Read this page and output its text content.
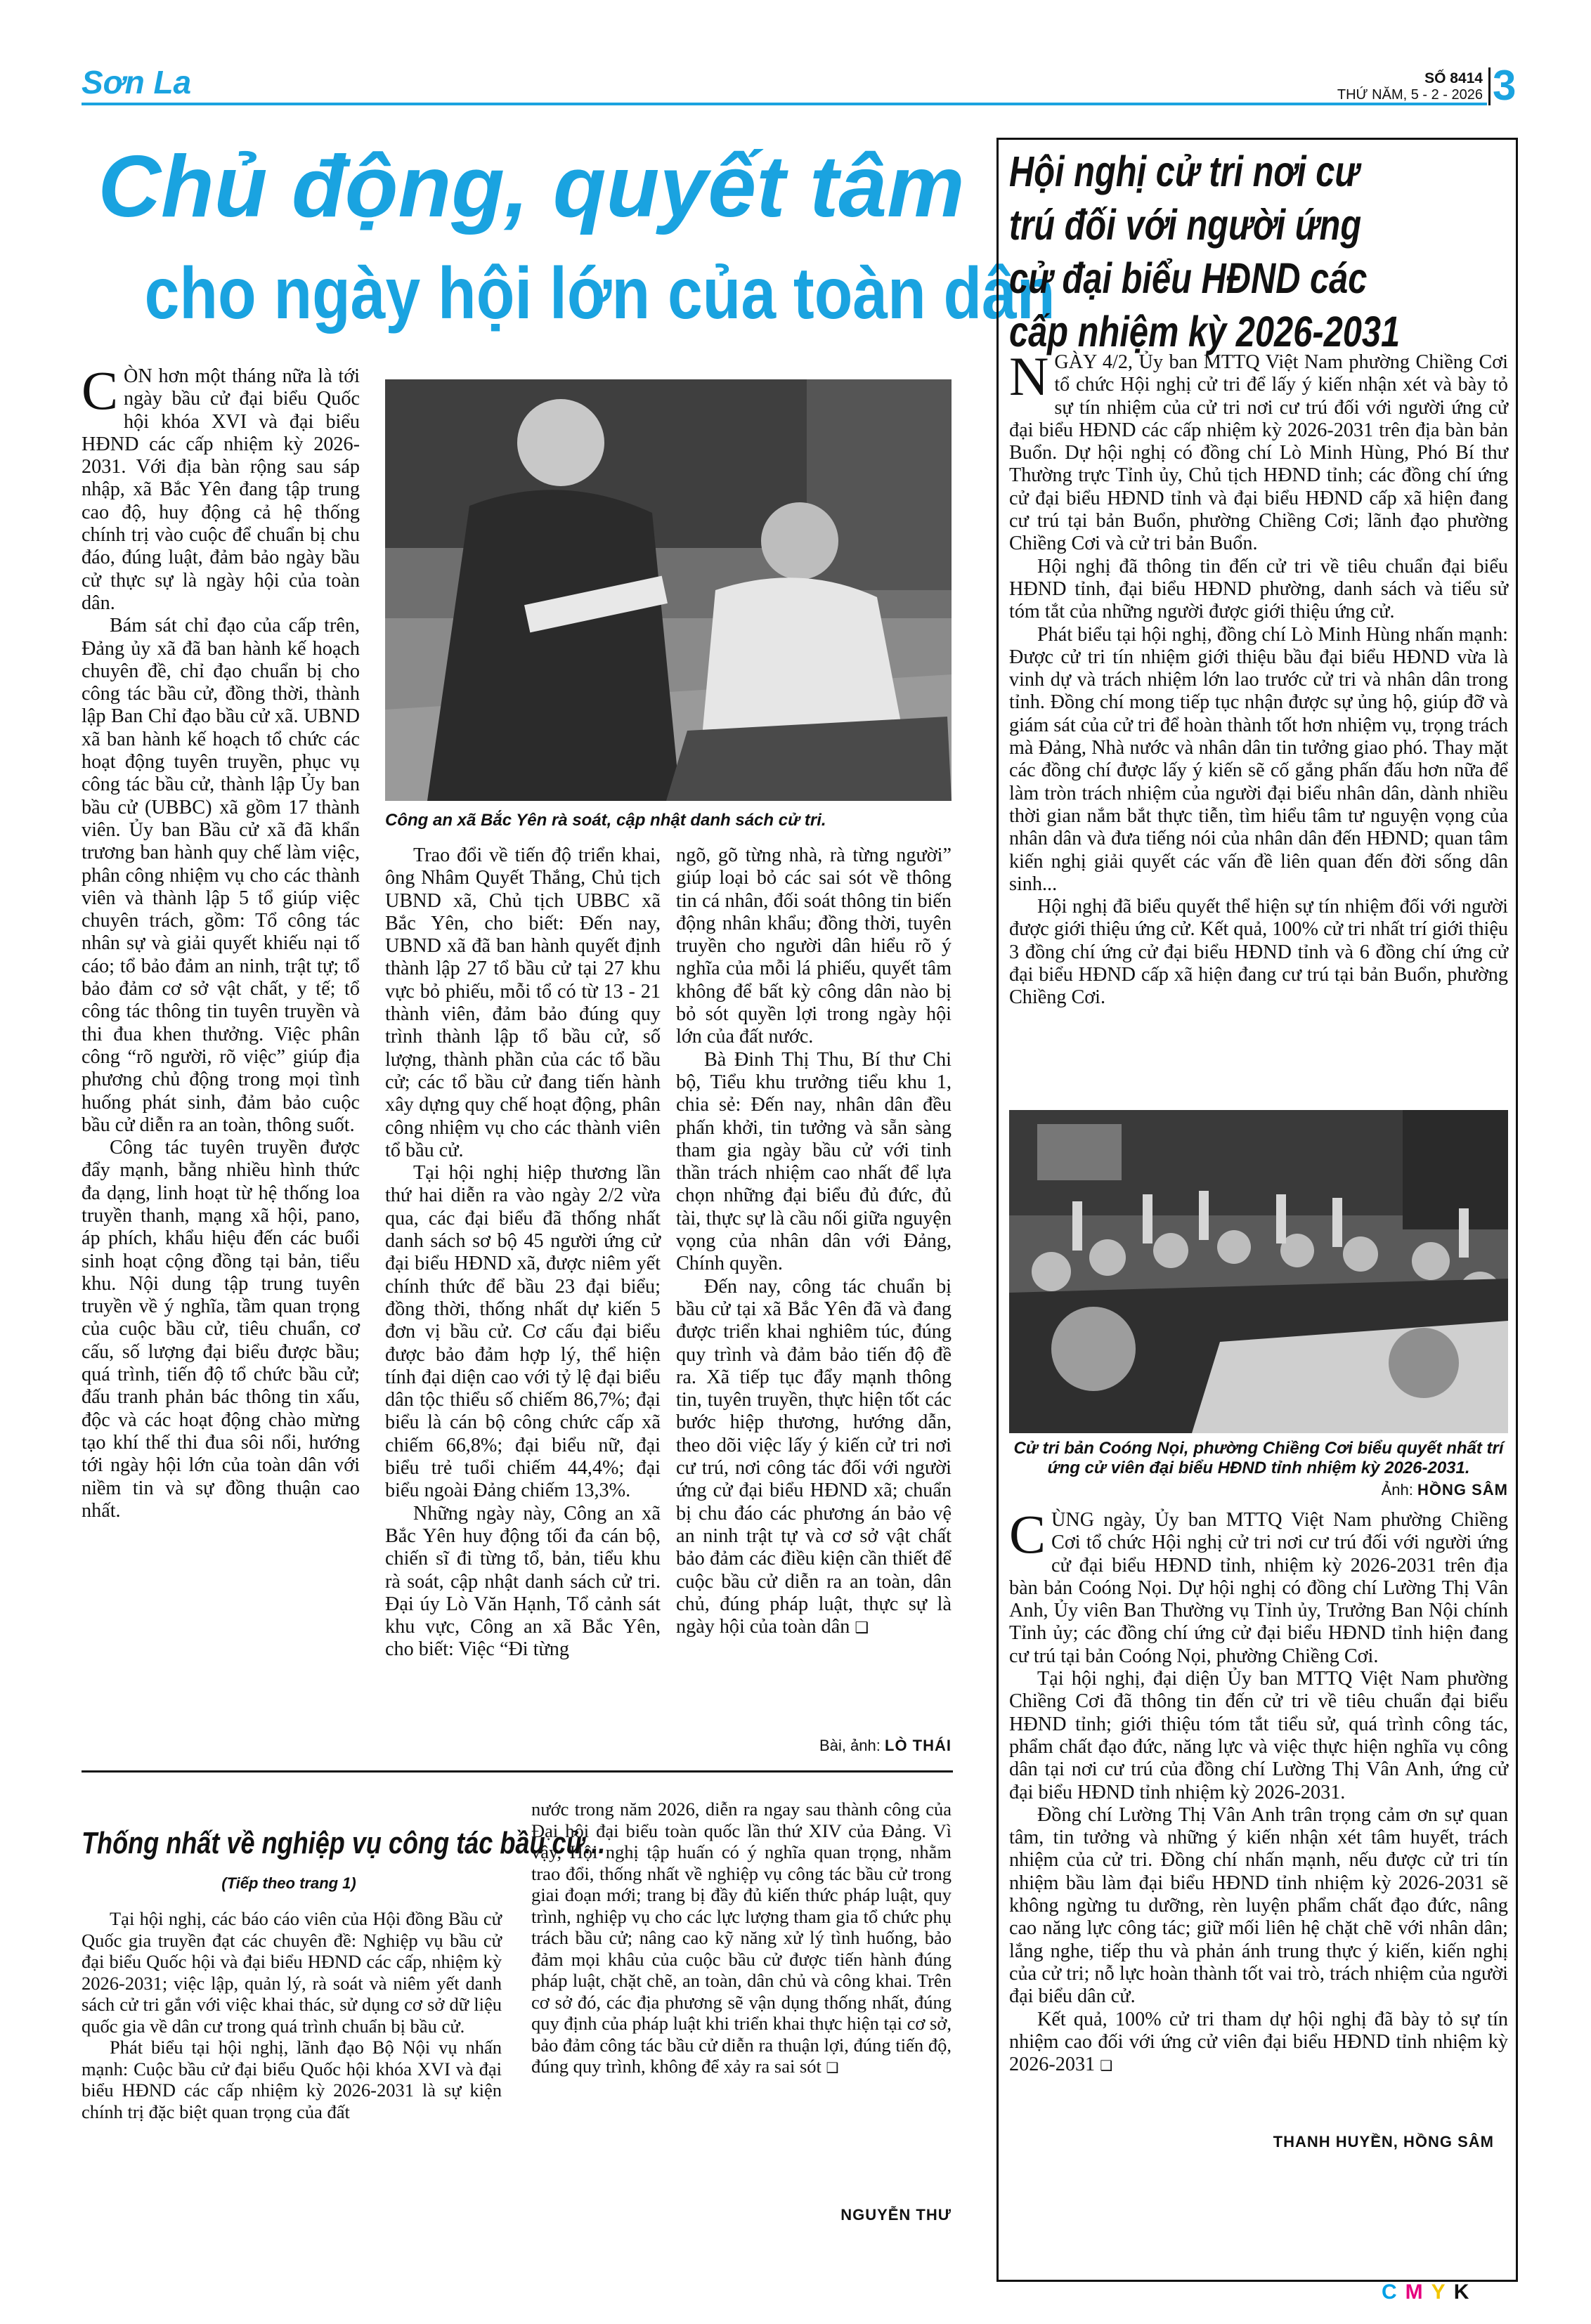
Sơn La	SỐ 8414
THỨ NĂM, 5 - 2 - 2026 3
Chủ động, quyết tâm
cho ngày hội lớn của toàn dân

CÒN hơn một tháng nữa là tới ngày bầu cử đại biểu Quốc hội khóa XVI và đại biểu HĐND các cấp nhiệm kỳ 2026-2031. Với địa bàn rộng sau sáp nhập, xã Bắc Yên đang tập trung cao độ, huy động cả hệ thống chính trị vào cuộc để chuẩn bị chu đáo, đúng luật, đảm bảo ngày bầu cử thực sự là ngày hội của toàn dân.

Bám sát chỉ đạo của cấp trên, Đảng ủy xã đã ban hành kế hoạch chuyên đề, chỉ đạo chuẩn bị cho công tác bầu cử, đồng thời, thành lập Ban Chỉ đạo bầu cử xã. UBND xã ban hành kế hoạch tổ chức các hoạt động tuyên truyền, phục vụ công tác bầu cử, thành lập Ủy ban bầu cử (UBBC) xã gồm 17 thành viên. Ủy ban Bầu cử xã đã khẩn trương ban hành quy chế làm việc, phân công nhiệm vụ cho các thành viên và thành lập 5 tổ giúp việc chuyên trách, gồm: Tổ công tác nhân sự và giải quyết khiếu nại tố cáo; tổ bảo đảm an ninh, trật tự; tổ bảo đảm cơ sở vật chất, y tế; tổ công tác thông tin tuyên truyền và thi đua khen thưởng. Việc phân công “rõ người, rõ việc” giúp địa phương chủ động trong mọi tình huống phát sinh, đảm bảo cuộc bầu cử diễn ra an toàn, thông suốt.

Công tác tuyên truyền được đẩy mạnh, bằng nhiều hình thức đa dạng, linh hoạt từ hệ thống loa truyền thanh, mạng xã hội, pano, áp phích, khẩu hiệu đến các buổi sinh hoạt cộng đồng tại bản, tiểu khu. Nội dung tập trung tuyên truyền về ý nghĩa, tầm quan trọng của cuộc bầu cử, tiêu chuẩn, cơ cấu, số lượng đại biểu được bầu; quá trình, tiến độ tổ chức bầu cử; đấu tranh phản bác thông tin xấu, độc và các hoạt động chào mừng tạo khí thế thi đua sôi nổi, hướng tới ngày hội lớn của toàn dân với niềm tin và sự đồng thuận cao nhất.

Công an xã Bắc Yên rà soát, cập nhật danh sách cử tri.

Trao đổi về tiến độ triển khai, ông Nhâm Quyết Thắng, Chủ tịch UBND xã, Chủ tịch UBBC xã Bắc Yên, cho biết: Đến nay, UBND xã đã ban hành quyết định thành lập 27 tổ bầu cử tại 27 khu vực bỏ phiếu, mỗi tổ có từ 13 - 21 thành viên, đảm bảo đúng quy trình thành lập tổ bầu cử, số lượng, thành phần của các tổ bầu cử; các tổ bầu cử đang tiến hành xây dựng quy chế hoạt động, phân công nhiệm vụ cho các thành viên tổ bầu cử.

Tại hội nghị hiệp thương lần thứ hai diễn ra vào ngày 2/2 vừa qua, các đại biểu đã thống nhất danh sách sơ bộ 45 người ứng cử đại biểu HĐND xã, được niêm yết chính thức để bầu 23 đại biểu; đồng thời, thống nhất dự kiến 5 đơn vị bầu cử. Cơ cấu đại biểu được bảo đảm hợp lý, thể hiện tính đại diện cao với tỷ lệ đại biểu dân tộc thiểu số chiếm 86,7%; đại biểu là cán bộ công chức cấp xã chiếm 66,8%; đại biểu nữ, đại biểu trẻ tuổi chiếm 44,4%; đại biểu ngoài Đảng chiếm 13,3%.

Những ngày này, Công an xã Bắc Yên huy động tối đa cán bộ, chiến sĩ đi từng tổ, bản, tiểu khu rà soát, cập nhật danh sách cử tri. Đại úy Lò Văn Hạnh, Tổ cảnh sát khu vực, Công an xã Bắc Yên, cho biết: Việc “Đi từng

ngõ, gõ từng nhà, rà từng người” giúp loại bỏ các sai sót về thông tin cá nhân, đối soát thông tin biến động nhân khẩu; đồng thời, tuyên truyền cho người dân hiểu rõ ý nghĩa của mỗi lá phiếu, quyết tâm không để bất kỳ công dân nào bị bỏ sót quyền lợi trong ngày hội lớn của đất nước.

Bà Đinh Thị Thu, Bí thư Chi bộ, Tiểu khu trưởng tiểu khu 1, chia sẻ: Đến nay, nhân dân đều phấn khởi, tin tưởng và sẵn sàng tham gia ngày bầu cử với tinh thần trách nhiệm cao nhất để lựa chọn những đại biểu đủ đức, đủ tài, thực sự là cầu nối giữa nguyện vọng của nhân dân với Đảng, Chính quyền.

Đến nay, công tác chuẩn bị bầu cử tại xã Bắc Yên đã và đang được triển khai nghiêm túc, đúng quy trình và đảm bảo tiến độ đề ra. Xã tiếp tục đẩy mạnh thông tin, tuyên truyền, thực hiện tốt các bước hiệp thương, hướng dẫn, theo dõi việc lấy ý kiến cử tri nơi cư trú, nơi công tác đối với người ứng cử đại biểu HĐND xã; chuẩn bị chu đáo các phương án bảo vệ an ninh trật tự và cơ sở vật chất bảo đảm các điều kiện cần thiết để cuộc bầu cử diễn ra an toàn, dân chủ, đúng pháp luật, thực sự là ngày hội của toàn dân ❑

Bài, ảnh: LÒ THÁI
Thống nhất về nghiệp vụ công tác bầu cử...
(Tiếp theo trang 1)

Tại hội nghị, các báo cáo viên của Hội đồng Bầu cử Quốc gia truyền đạt các chuyên đề: Nghiệp vụ bầu cử đại biểu Quốc hội và đại biểu HĐND các cấp, nhiệm kỳ 2026-2031; việc lập, quản lý, rà soát và niêm yết danh sách cử tri gắn với việc khai thác, sử dụng cơ sở dữ liệu quốc gia về dân cư trong quá trình chuẩn bị bầu cử.

Phát biểu tại hội nghị, lãnh đạo Bộ Nội vụ nhấn mạnh: Cuộc bầu cử đại biểu Quốc hội khóa XVI và đại biểu HĐND các cấp nhiệm kỳ 2026-2031 là sự kiện chính trị đặc biệt quan trọng của đất

nước trong năm 2026, diễn ra ngay sau thành công của Đại hội đại biểu toàn quốc lần thứ XIV của Đảng. Vì vậy, Hội nghị tập huấn có ý nghĩa quan trọng, nhằm trao đổi, thống nhất về nghiệp vụ công tác bầu cử trong giai đoạn mới; trang bị đầy đủ kiến thức pháp luật, quy trình, nghiệp vụ cho các lực lượng tham gia tổ chức phụ trách bầu cử; nâng cao kỹ năng xử lý tình huống, bảo đảm mọi khâu của cuộc bầu cử được tiến hành đúng pháp luật, chặt chẽ, an toàn, dân chủ và công khai. Trên cơ sở đó, các địa phương sẽ vận dụng thống nhất, đúng quy định của pháp luật khi triển khai thực hiện tại cơ sở, bảo đảm công tác bầu cử diễn ra thuận lợi, đúng tiến độ, đúng quy trình, không để xảy ra sai sót ❑

NGUYỄN THƯ
Hội nghị cử tri nơi cư trú đối với người ứng cử đại biểu HĐND các cấp nhiệm kỳ 2026-2031

NGÀY 4/2, Ủy ban MTTQ Việt Nam phường Chiềng Cơi tổ chức Hội nghị cử tri để lấy ý kiến nhận xét và bày tỏ sự tín nhiệm của cử tri nơi cư trú đối với người ứng cử đại biểu HĐND các cấp nhiệm kỳ 2026-2031 trên địa bàn bản Buổn. Dự hội nghị có đồng chí Lò Minh Hùng, Phó Bí thư Thường trực Tỉnh ủy, Chủ tịch HĐND tỉnh; các đồng chí ứng cử đại biểu HĐND tỉnh và đại biểu HĐND cấp xã hiện đang cư trú tại bản Buổn, phường Chiềng Cơi; lãnh đạo phường Chiềng Cơi và cử tri bản Buổn.

Hội nghị đã thông tin đến cử tri về tiêu chuẩn đại biểu HĐND tỉnh, đại biểu HĐND phường, danh sách và tiểu sử tóm tắt của những người được giới thiệu ứng cử.

Phát biểu tại hội nghị, đồng chí Lò Minh Hùng nhấn mạnh: Được cử tri tín nhiệm giới thiệu bầu đại biểu HĐND vừa là vinh dự và trách nhiệm lớn lao trước cử tri và nhân dân trong tỉnh. Đồng chí mong tiếp tục nhận được sự ủng hộ, giúp đỡ và giám sát của cử tri để hoàn thành tốt hơn nhiệm vụ, trọng trách mà Đảng, Nhà nước và nhân dân tin tưởng giao phó. Thay mặt các đồng chí được lấy ý kiến sẽ cố gắng phấn đấu hơn nữa để làm tròn trách nhiệm của người đại biểu nhân dân, dành nhiều thời gian nắm bắt thực tiễn, tìm hiểu tâm tư nguyện vọng của nhân dân và đưa tiếng nói của nhân dân đến HĐND; quan tâm kiến nghị giải quyết các vấn đề liên quan đến đời sống dân sinh...

Hội nghị đã biểu quyết thể hiện sự tín nhiệm đối với người được giới thiệu ứng cử. Kết quả, 100% cử tri nhất trí giới thiệu 3 đồng chí ứng cử đại biểu HĐND tỉnh và 6 đồng chí ứng cử đại biểu HĐND cấp xã hiện đang cư trú tại bản Buổn, phường Chiềng Cơi.

Cử tri bản Coóng Nọi, phường Chiềng Cơi biểu quyết nhất trí ứng cử viên đại biểu HĐND tỉnh nhiệm kỳ 2026-2031.
Ảnh: HỒNG SÂM

CÙNG ngày, Ủy ban MTTQ Việt Nam phường Chiềng Cơi tổ chức Hội nghị cử tri nơi cư trú đối với người ứng cử đại biểu HĐND tỉnh, nhiệm kỳ 2026-2031 trên địa bàn bản Coóng Nọi. Dự hội nghị có đồng chí Lường Thị Vân Anh, Ủy viên Ban Thường vụ Tỉnh ủy, Trưởng Ban Nội chính Tỉnh ủy; các đồng chí ứng cử đại biểu HĐND tỉnh hiện đang cư trú tại bản Coóng Nọi, phường Chiềng Cơi.

Tại hội nghị, đại diện Ủy ban MTTQ Việt Nam phường Chiềng Cơi đã thông tin đến cử tri về tiêu chuẩn đại biểu HĐND tỉnh; giới thiệu tóm tắt tiểu sử, quá trình công tác, phẩm chất đạo đức, năng lực và việc thực hiện nghĩa vụ công dân tại nơi cư trú của đồng chí Lường Thị Vân Anh, ứng cử đại biểu HĐND tỉnh nhiệm kỳ 2026-2031.

Đồng chí Lường Thị Vân Anh trân trọng cảm ơn sự quan tâm, tin tưởng và những ý kiến nhận xét tâm huyết, trách nhiệm của cử tri. Đồng chí nhấn mạnh, nếu được cử tri tín nhiệm bầu làm đại biểu HĐND tỉnh nhiệm kỳ 2026-2031 sẽ không ngừng tu dưỡng, rèn luyện phẩm chất đạo đức, nâng cao năng lực công tác; giữ mối liên hệ chặt chẽ với nhân dân; lắng nghe, tiếp thu và phản ánh trung thực ý kiến, kiến nghị của cử tri; nỗ lực hoàn thành tốt vai trò, trách nhiệm của người đại biểu dân cử.

Kết quả, 100% cử tri tham dự hội nghị đã bày tỏ sự tín nhiệm cao đối với ứng cử viên đại biểu HĐND tỉnh nhiệm kỳ 2026-2031 ❑

THANH HUYỀN, HỒNG SÂM
CMYK
